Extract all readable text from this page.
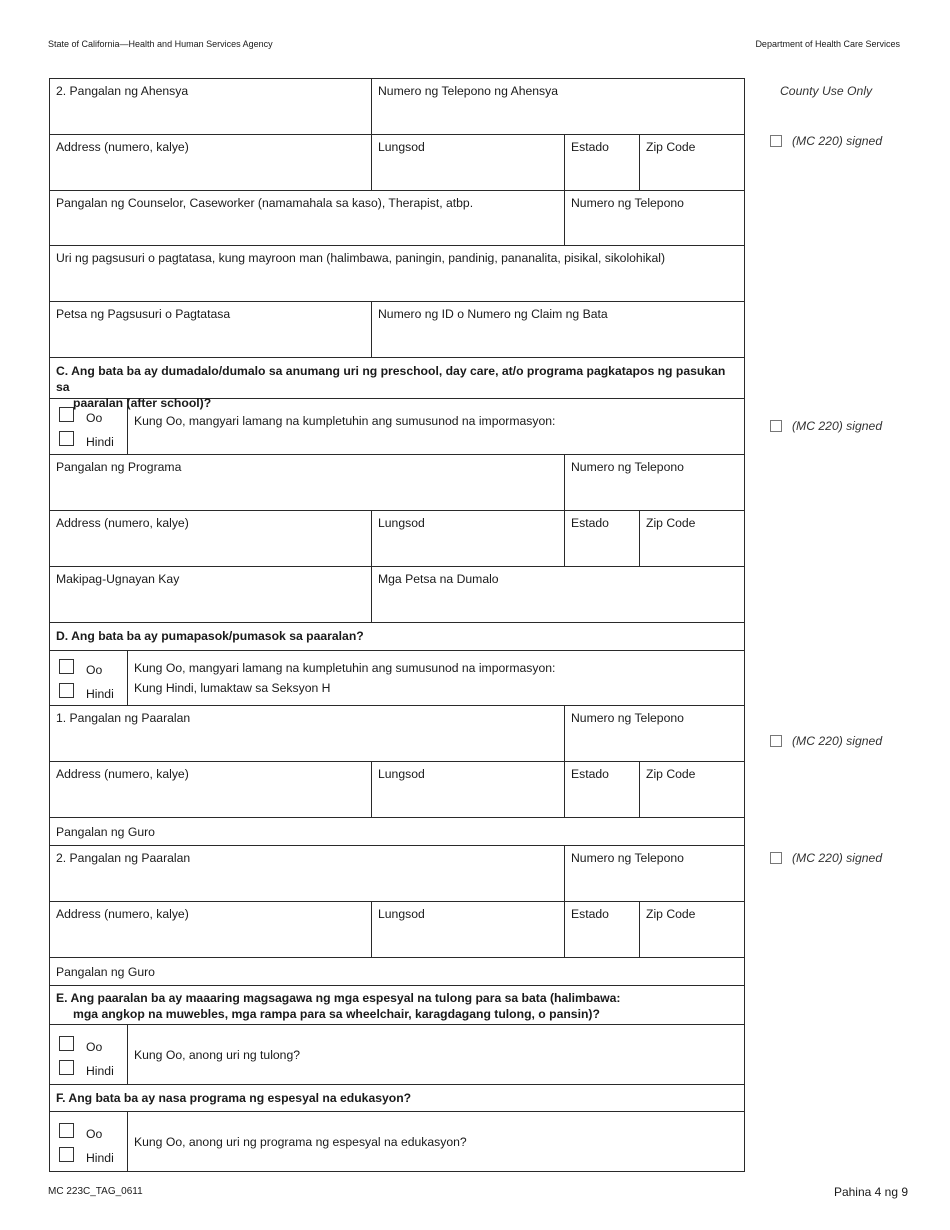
State of California—Health and Human Services Agency	Department of Health Care Services
2. Pangalan ng Ahensya	Numero ng Telepono ng Ahensya
Address (numero, kalye)	Lungsod	Estado	Zip Code
Pangalan ng Counselor, Caseworker (namamahala sa kaso), Therapist, atbp.	Numero ng Telepono
Uri ng pagsusuri o pagtatasa, kung mayroon man (halimbawa, paningin, pandinig, pananalita, pisikal, sikolohikal)
Petsa ng Pagsusuri o Pagtatasa	Numero ng ID o Numero ng Claim ng Bata
C. Ang bata ba ay dumadalo/dumalo sa anumang uri ng preschool, day care, at/o programa pagkatapos ng pasukan sa
paaralan (after school)?
Oo
Hindi
Kung Oo, mangyari lamang na kumpletuhin ang sumusunod na impormasyon:
Pangalan ng Programa	Numero ng Telepono
Address (numero, kalye)	Lungsod	Estado	Zip Code
Makipag-Ugnayan Kay	Mga Petsa na Dumalo
D. Ang bata ba ay pumapasok/pumasok sa paaralan?
Oo
Hindi
Kung Oo, mangyari lamang na kumpletuhin ang sumusunod na impormasyon:
Kung Hindi, lumaktaw sa Seksyon H
1. Pangalan ng Paaralan	Numero ng Telepono
Address (numero, kalye)	Lungsod	Estado	Zip Code
Pangalan ng Guro
2. Pangalan ng Paaralan	Numero ng Telepono
Address (numero, kalye)	Lungsod	Estado	Zip Code
Pangalan ng Guro
E. Ang paaralan ba ay maaaring magsagawa ng mga espesyal na tulong para sa bata (halimbawa:
mga angkop na muwebles, mga rampa para sa wheelchair, karagdagang tulong, o pansin)?
Oo
Hindi
Kung Oo, anong uri ng tulong?
F. Ang bata ba ay nasa programa ng espesyal na edukasyon?
Oo
Hindi
Kung Oo, anong uri ng programa ng espesyal na edukasyon?
County Use Only
(MC 220) signed
(MC 220) signed
(MC 220) signed
(MC 220) signed
MC 223C_TAG_0611	Pahina 4 ng 9
